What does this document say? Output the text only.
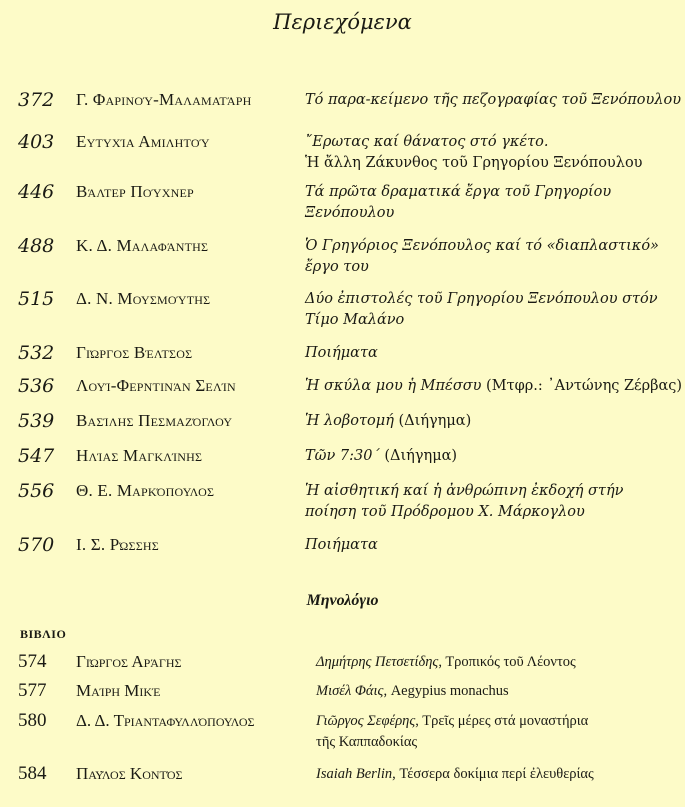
Περιεχόμενα
372 Γ. Φαρινού-Μαλαματάρη	Τό παρα-κείμενο τῆς πεζογραφίας τοῦ Ξενόπουλου
403 Ευτυχία Αμιλητού	῎Ερωτας καί θάνατος στό γκέτο.
Ἡ ἄλλη Ζάκυνθος τοῦ Γρηγορίου Ξενόπουλου
446 Βάλτερ Πούχνερ	Τά πρῶτα δραματικά ἔργα τοῦ Γρηγορίου
Ξενόπουλου
488 Κ. Δ. Μαλαφάντης	Ὁ Γρηγόριος Ξενόπουλος καί τό «διαπλαστικό»
ἔργο του
515 Δ. Ν. Μουσμούτης	Δύο ἐπιστολές τοῦ Γρηγορίου Ξενόπουλου στόν
Τίμο Μαλάνο
532 Γιώργος Βέλτσος	Ποιήματα
536 Λουί-Φερντινάν Σελίν	Ἡ σκύλα μου ἡ Μπέσσυ (Μτφρ.: ᾿Αντώνης Ζέρβας)
539 Βασίλης Πεσμαζόγλου	Ἡ λοβοτομή (Διήγημα)
547 Ηλίας Μαγκλίνης	Τῶν 7:30΄ (Διήγημα)
556 Θ. Ε. Μαρκόπουλος	Ἡ αἰσθητική καί ἡ ἀνθρώπινη ἐκδοχή στήν
ποίηση τοῦ Πρόδρομου Χ. Μάρκογλου
570 Ι. Σ. Ρώσσης	Ποιήματα
Μηνολόγιο
ΒΙΒΛΙΟ
574 Γιώργος Αράγης	Δημήτρης Πετσετίδης, Τροπικός τοῦ Λέοντος
577 Μαίρη Μικέ	Μισέλ Φάις, Aegypius monachus
580 Δ. Δ. Τριανταφυλλόπουλος	Γιῶργος Σεφέρης, Τρεῖς μέρες στά μοναστήρια
τῆς Καππαδοκίας
584 Παῦλος Κοντός	Isaiah Berlin, Τέσσερα δοκίμια περί ἐλευθερίας
